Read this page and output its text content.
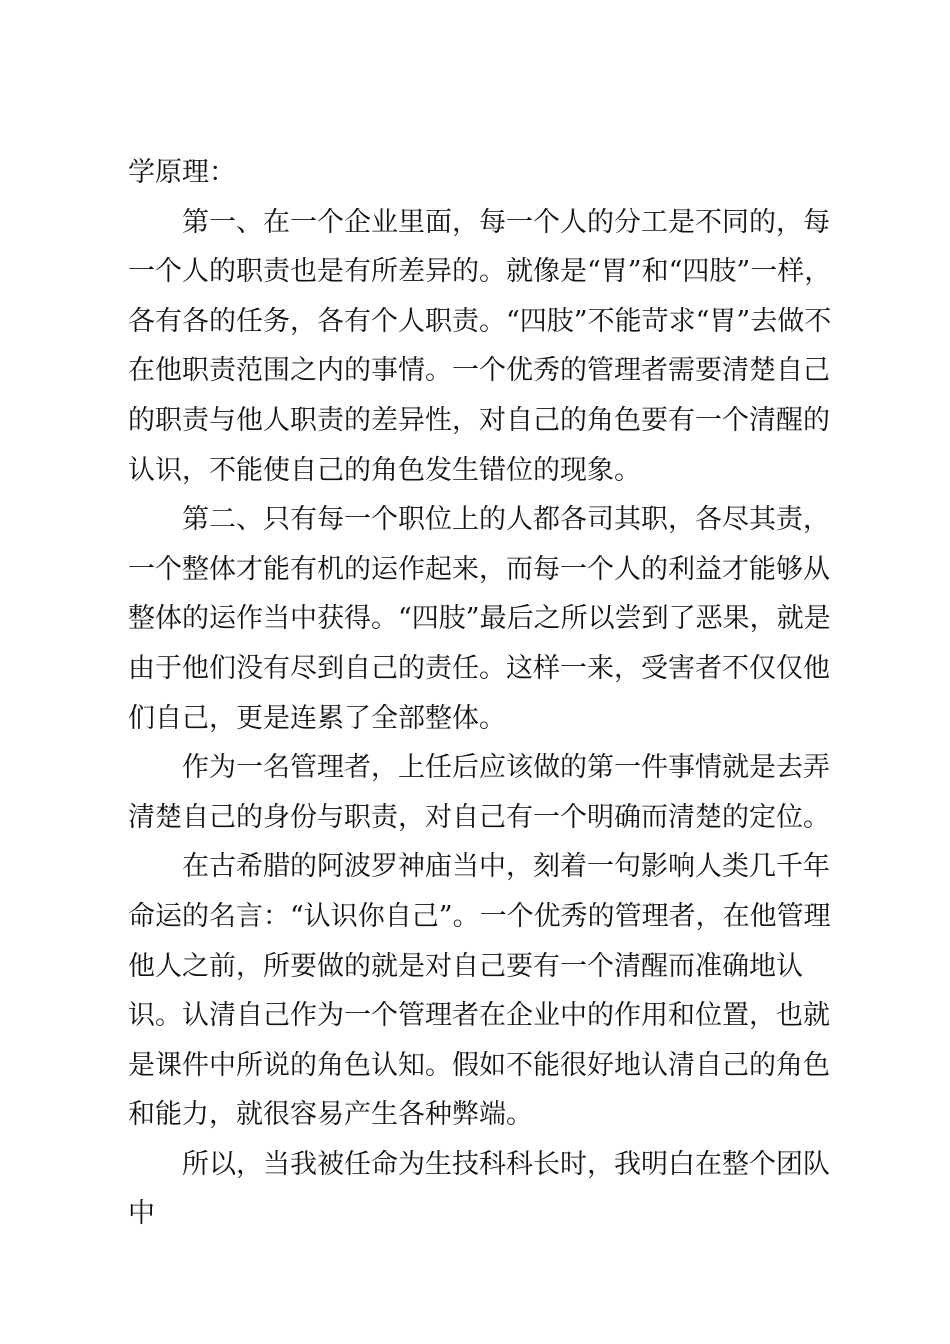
学原理：

第一、在一个企业里面，每一个人的分工是不同的，每一个人的职责也是有所差异的。就像是“胃”和“四肢”一样，各有各的任务，各有个人职责。“四肢”不能苛求“胃”去做不在他职责范围之内的事情。一个优秀的管理者需要清楚自己的职责与他人职责的差异性，对自己的角色要有一个清醒的认识，不能使自己的角色发生错位的现象。

第二、只有每一个职位上的人都各司其职，各尽其责，一个整体才能有机的运作起来，而每一个人的利益才能够从整体的运作当中获得。“四肢”最后之所以尝到了恶果，就是由于他们没有尽到自己的责任。这样一来，受害者不仅仅他们自己，更是连累了全部整体。

作为一名管理者，上任后应该做的第一件事情就是去弄清楚自己的身份与职责，对自己有一个明确而清楚的定位。

在古希腊的阿波罗神庙当中，刻着一句影响人类几千年命运的名言：“认识你自己”。一个优秀的管理者，在他管理他人之前，所要做的就是对自己要有一个清醒而准确地认识。认清自己作为一个管理者在企业中的作用和位置，也就是课件中所说的角色认知。假如不能很好地认清自己的角色和能力，就很容易产生各种弊端。

所以，当我被任命为生技科科长时，我明白在整个团队中
